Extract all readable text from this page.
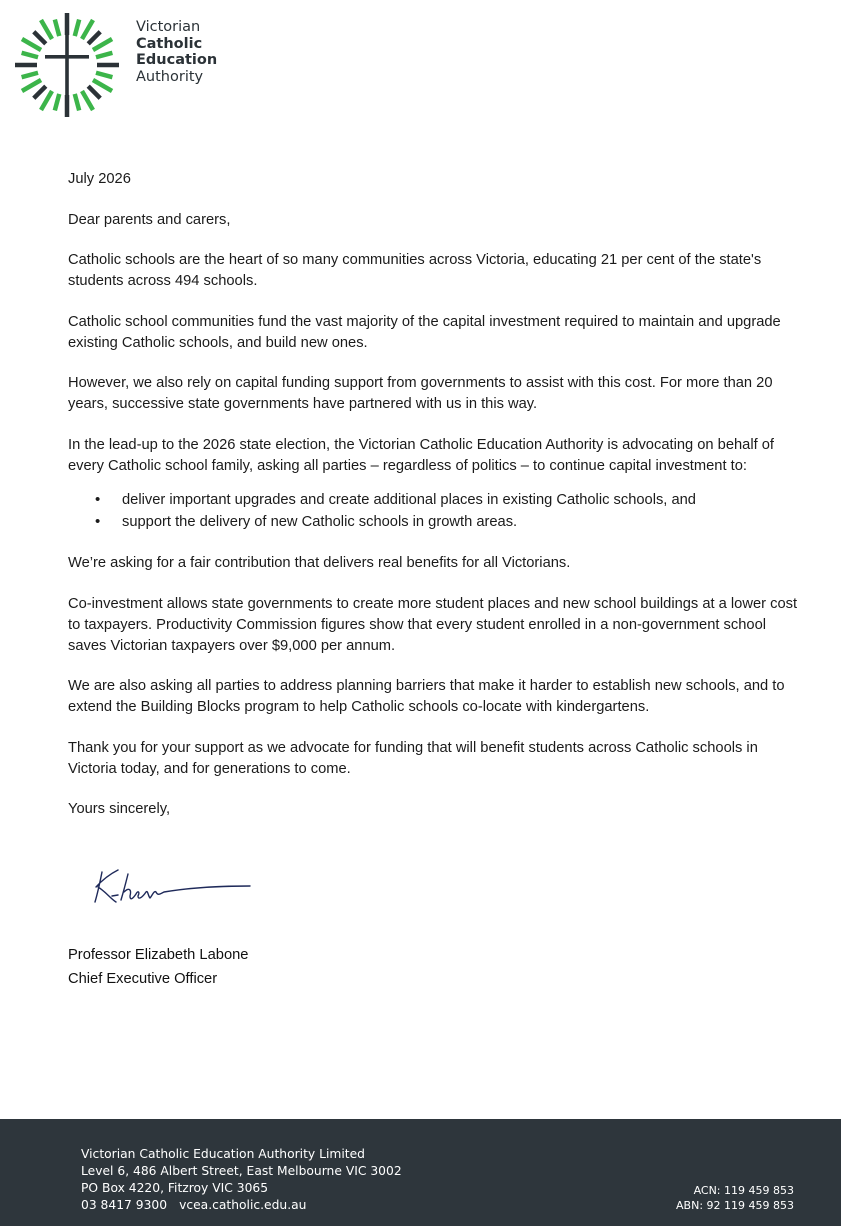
Victorian
Catholic
Education
Authority

July 2026

Dear parents and carers,

Catholic schools are the heart of so many communities across Victoria, educating 21 per cent of the state's students across 494 schools.

Catholic school communities fund the vast majority of the capital investment required to maintain and upgrade existing Catholic schools, and build new ones.

However, we also rely on capital funding support from governments to assist with this cost. For more than 20 years, successive state governments have partnered with us in this way.

In the lead-up to the 2026 state election, the Victorian Catholic Education Authority is advocating on behalf of every Catholic school family, asking all parties – regardless of politics – to continue capital investment to:

• deliver important upgrades and create additional places in existing Catholic schools, and
• support the delivery of new Catholic schools in growth areas.

We’re asking for a fair contribution that delivers real benefits for all Victorians.

Co-investment allows state governments to create more student places and new school buildings at a lower cost to taxpayers. Productivity Commission figures show that every student enrolled in a non-government school saves Victorian taxpayers over $9,000 per annum.

We are also asking all parties to address planning barriers that make it harder to establish new schools, and to extend the Building Blocks program to help Catholic schools co-locate with kindergartens.

Thank you for your support as we advocate for funding that will benefit students across Catholic schools in Victoria today, and for generations to come.

Yours sincerely,

Professor Elizabeth Labone
Chief Executive Officer
Victorian Catholic Education Authority Limited
Level 6, 486 Albert Street, East Melbourne VIC 3002
PO Box 4220, Fitzroy VIC 3065
03 8417 9300 vcea.catholic.edu.au
ACN: 119 459 853
ABN: 92 119 459 853
